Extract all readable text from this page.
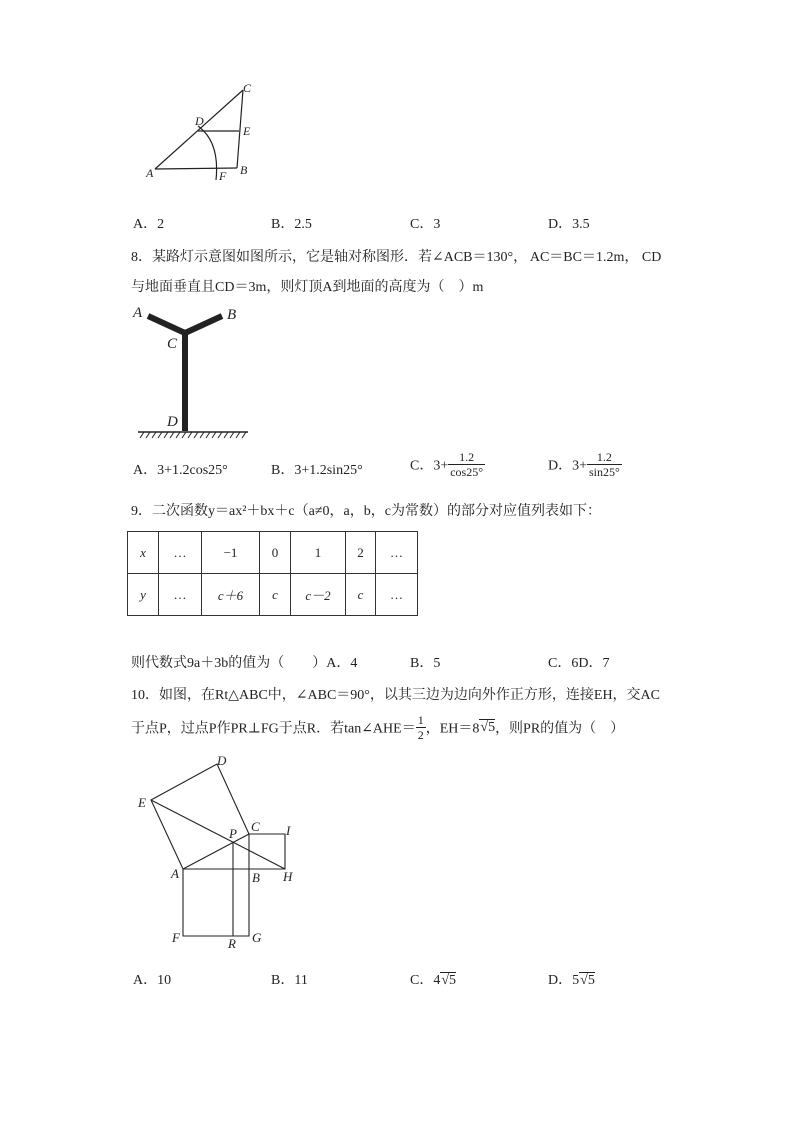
C
D
E
A	F B
A．2	B．2.5	C．3	D．3.5
8．某路灯示意图如图所示，它是轴对称图形．若∠ACB＝130°， AC＝BC＝1.2m， CD
与地面垂直且CD＝3m，则灯顶A到地面的高度为（　）m
A	B
C
D
A．3+1.2cos25°	B．3+1.2sin25°	C．$3+ \frac{1.2}{\cos 25^\circ}$	D．$3+ \frac{1.2}{\sin 25^\circ}$
9．二次函数y＝ax²＋bx＋c（a≠0，a，b，c为常数）的部分对应值列表如下：
x	…	−1	0	1	2	…
y	…	c＋6	c	c－2	c	…
则代数式9a＋3b的值为（　　）A．4	B．5	C．6D．7
10．如图，在Rt△ABC中，∠ABC＝90°，以其三边为边向外作正方形，连接EH，交AC
于点P，过点P作PR⊥FG于点R．若tan∠AHE＝ $\frac{1}{2}$ ，EH＝8√5，则PR的值为（　）
D
E
P C I
A	B H
F	R G
A．10	B．11	C．4√5	D．5√5
